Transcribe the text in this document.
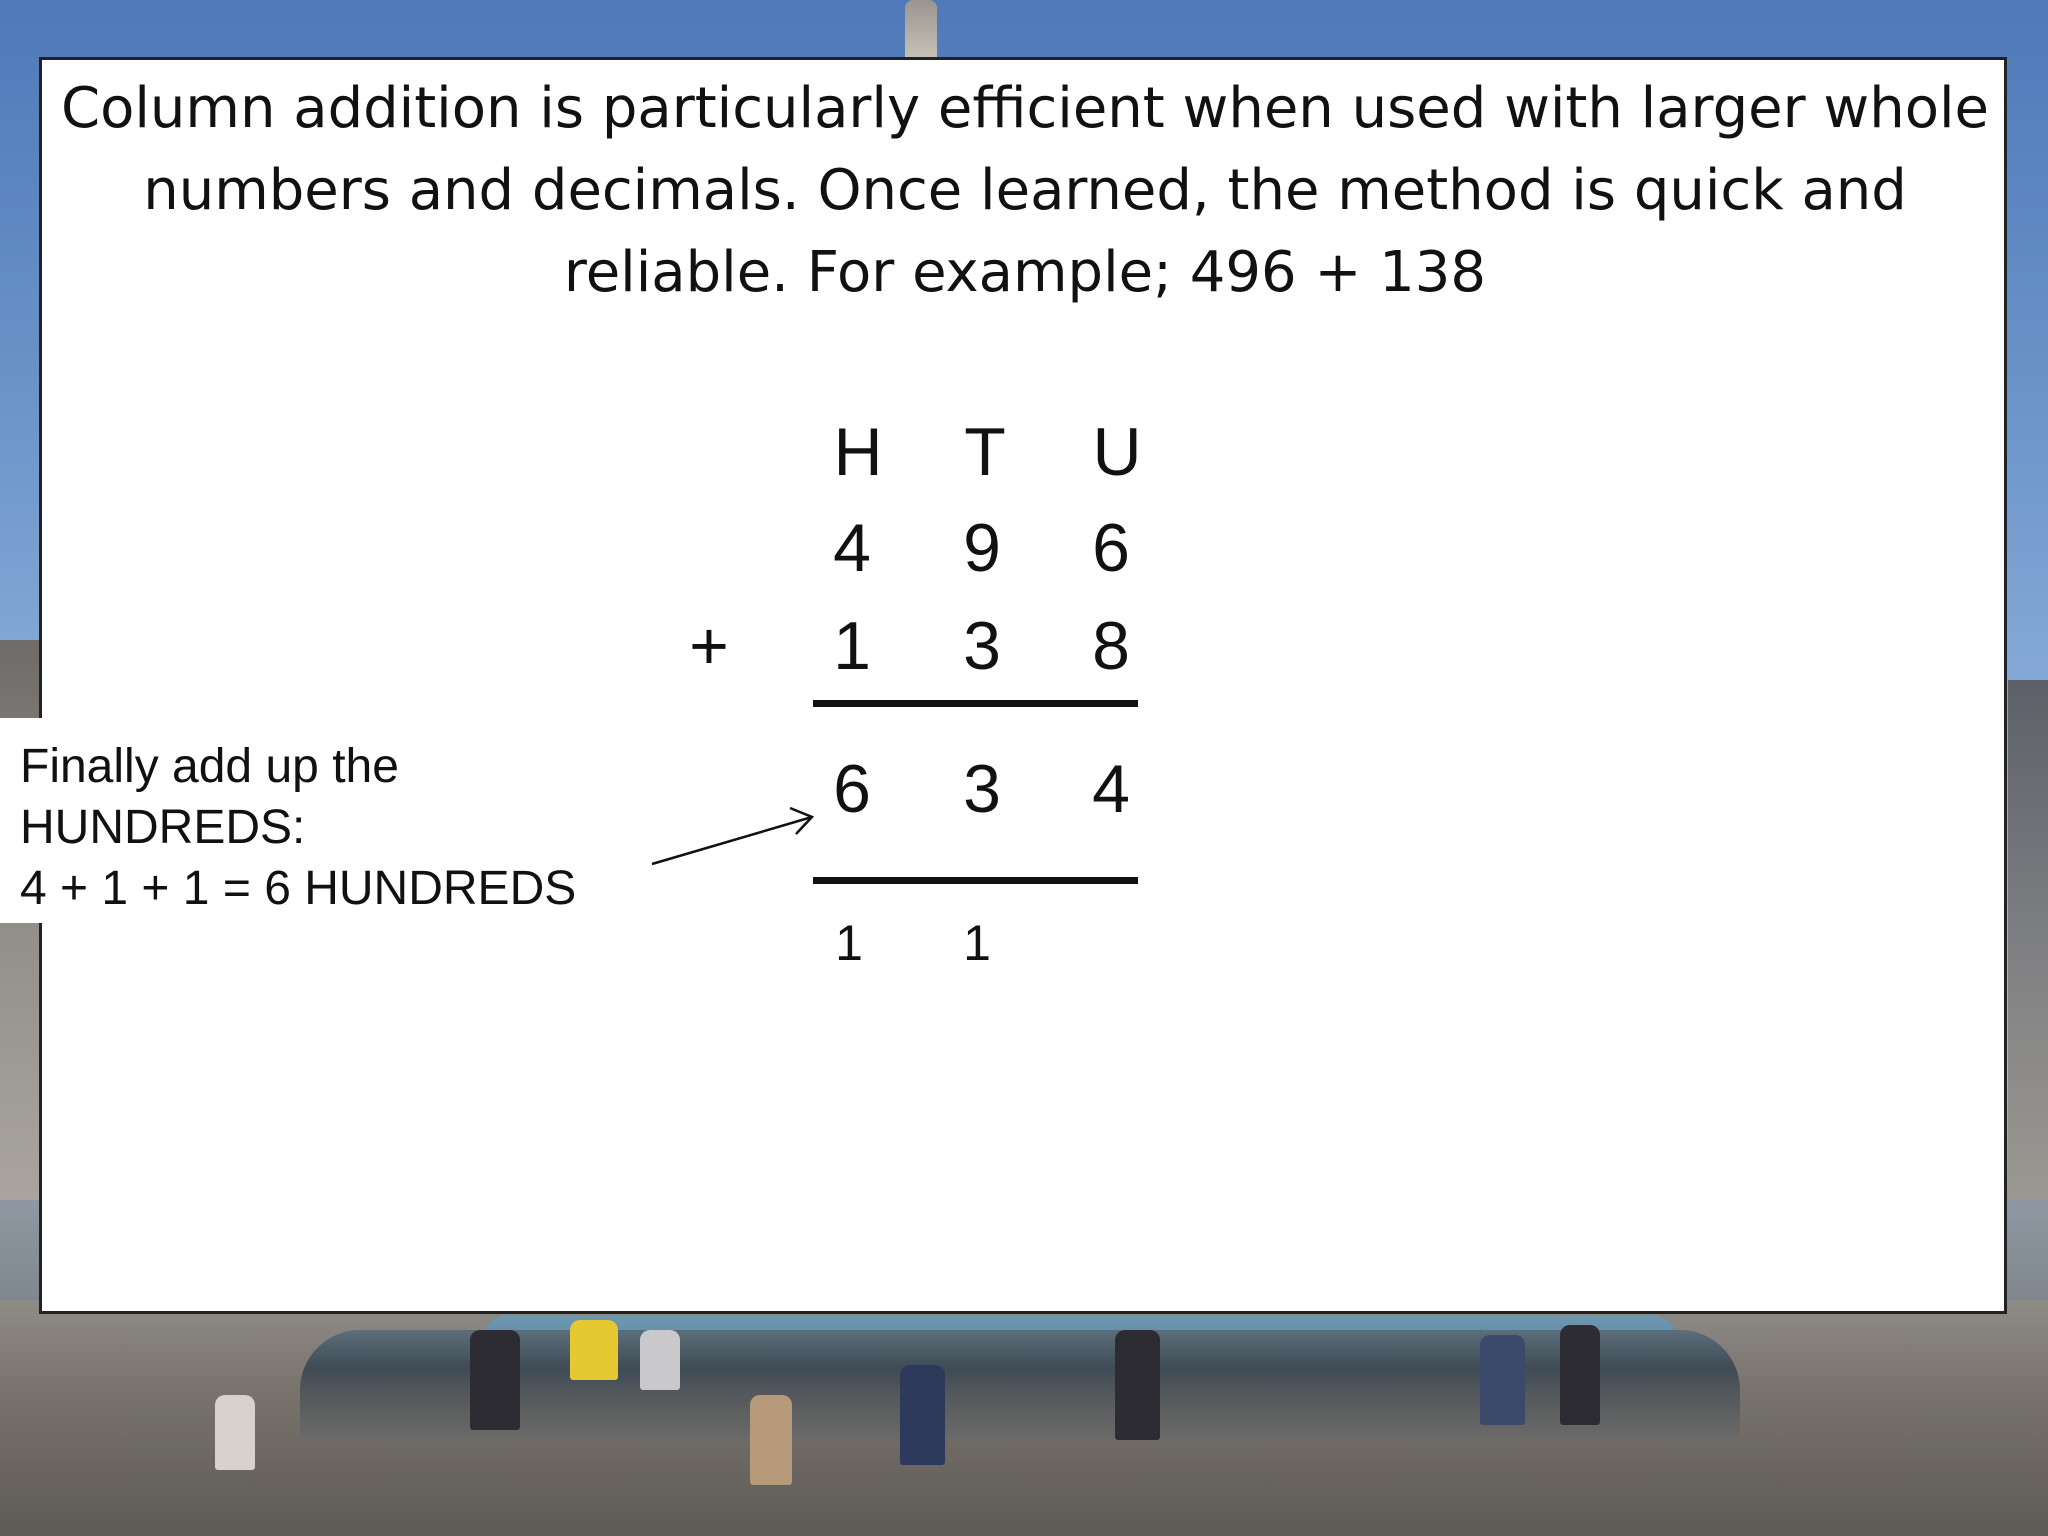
Column addition is particularly efficient when used with larger whole
numbers and decimals. Once learned, the method is quick and
reliable. For example; 496 + 138
H T U
4 9 6
+ 1 3 8
6 3 4
1	1
Finally add up the
HUNDREDS:
4 + 1 + 1 = 6 HUNDREDS
